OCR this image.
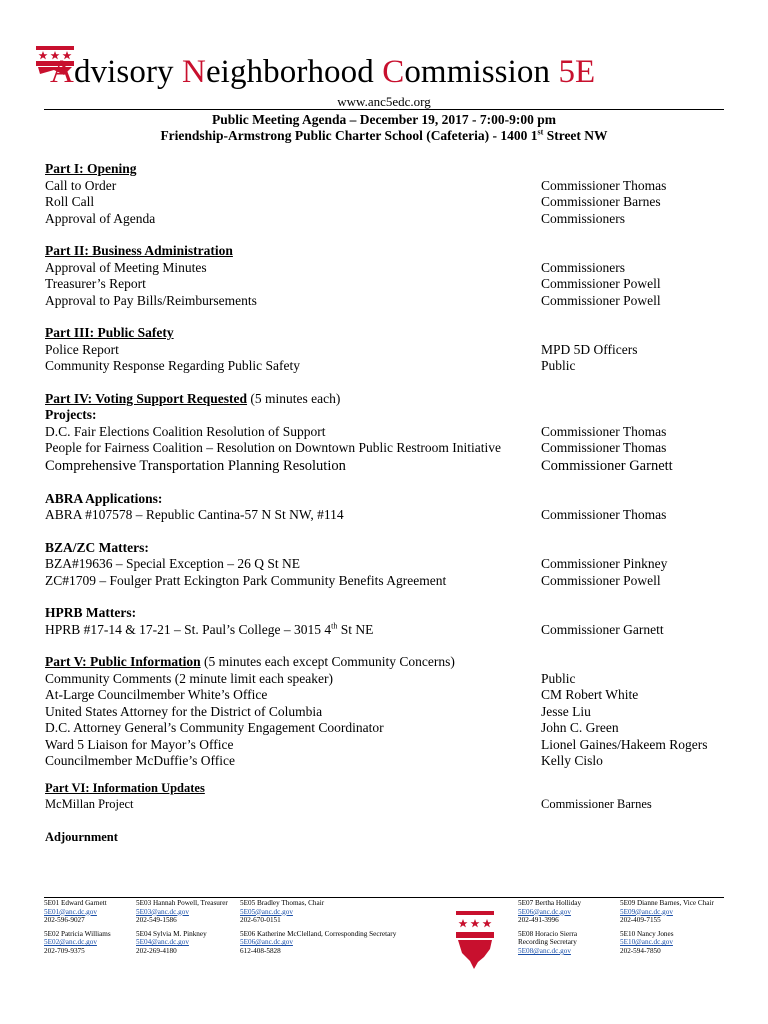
Advisory Neighborhood Commission 5E
www.anc5edc.org
Public Meeting Agenda – December 19, 2017 - 7:00-9:00 pm
Friendship-Armstrong Public Charter School (Cafeteria) - 1400 1st Street NW
Part I: Opening
Call to Order	Commissioner Thomas
Roll Call	Commissioner Barnes
Approval of Agenda	Commissioners
Part II: Business Administration
Approval of Meeting Minutes	Commissioners
Treasurer’s Report	Commissioner Powell
Approval to Pay Bills/Reimbursements	Commissioner Powell
Part III: Public Safety
Police Report	MPD 5D Officers
Community Response Regarding Public Safety	Public
Part IV: Voting Support Requested (5 minutes each)
Projects:
D.C. Fair Elections Coalition Resolution of Support	Commissioner Thomas
People for Fairness Coalition – Resolution on Downtown Public Restroom Initiative	Commissioner Thomas
Comprehensive Transportation Planning Resolution	Commissioner Garnett
ABRA Applications:
ABRA #107578 – Republic Cantina-57 N St NW, #114	Commissioner Thomas
BZA/ZC Matters:
BZA#19636 – Special Exception – 26 Q St NE	Commissioner Pinkney
ZC#1709 – Foulger Pratt Eckington Park Community Benefits Agreement	Commissioner Powell
HPRB Matters:
HPRB #17-14 & 17-21 – St. Paul’s College – 3015 4th St NE	Commissioner Garnett
Part V: Public Information (5 minutes each except Community Concerns)
Community Comments (2 minute limit each speaker)	Public
At-Large Councilmember White’s Office	CM Robert White
United States Attorney for the District of Columbia	Jesse Liu
D.C. Attorney General’s Community Engagement Coordinator	John C. Green
Ward 5 Liaison for Mayor’s Office	Lionel Gaines/Hakeem Rogers
Councilmember McDuffie’s Office	Kelly Cislo
Part VI: Information Updates
McMillan Project	Commissioner Barnes
Adjournment
5E01 Edward Garnett
5E01@anc.dc.gov
202-596-9027
5E02 Patricia Williams
5E02@anc.dc.gov
202-709-9375
5E03 Hannah Powell, Treasurer
5E03@anc.dc.gov
202-549-1586
5E04 Sylvia M. Pinkney
5E04@anc.dc.gov
202-269-4180
5E05 Bradley Thomas, Chair
5E05@anc.dc.gov
202-670-0151
5E06 Katherine McClelland, Corresponding Secretary
5E06@anc.dc.gov
612-408-5828
5E07 Bertha Holliday
5E06@anc.dc.gov
202-491-3996
5E08 Horacio Sierra
Recording Secretary
5E08@anc.dc.gov
5E09 Dianne Barnes, Vice Chair
5E09@anc.dc.gov
202-409-7155
5E10 Nancy Jones
5E10@anc.dc.gov
202-594-7850
